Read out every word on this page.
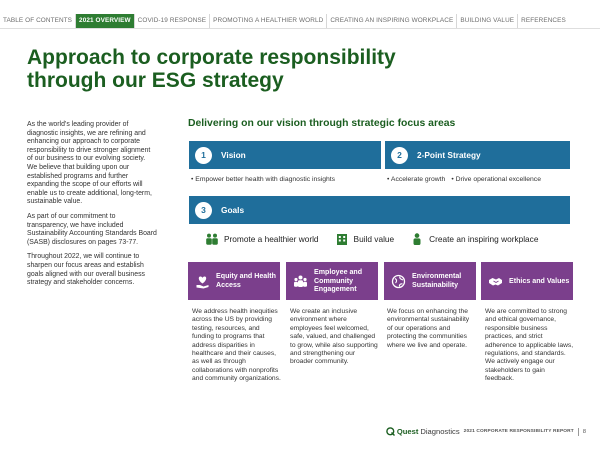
TABLE OF CONTENTS	2021 OVERVIEW	COVID-19 RESPONSE	PROMOTING A HEALTHIER WORLD	CREATING AN INSPIRING WORKPLACE	BUILDING VALUE	REFERENCES
Approach to corporate responsibility through our ESG strategy

As the world’s leading provider of diagnostic insights, we are refining and enhancing our approach to corporate responsibility to drive stronger alignment of our business to our evolving society. We believe that building upon our established programs and further expanding the scope of our efforts will enable us to create additional, long-term, sustainable value.

As part of our commitment to transparency, we have included Sustainability Accounting Standards Board (SASB) disclosures on pages 73-77.

Throughout 2022, we will continue to sharpen our focus areas and establish goals aligned with our overall business strategy and stakeholder concerns.

Delivering on our vision through strategic focus areas
1	Vision	2	2-Point Strategy
• Empower better health with diagnostic insights	• Accelerate growth	• Drive operational excellence
3	Goals
Promote a healthier world	Build value	Create an inspiring workplace
Equity and Health Access
Employee and Community Engagement
Environmental Sustainability
Ethics and Values

We address health inequities across the US by providing testing, resources, and funding to programs that address disparities in healthcare and their causes, as well as through collaborations with nonprofits and community organizations.

We create an inclusive environment where employees feel welcomed, safe, valued, and challenged to grow, while also supporting and strengthening our broader community.

We focus on enhancing the environmental sustainability of our operations and protecting the communities where we live and operate.

We are committed to strong and ethical governance, responsible business practices, and strict adherence to applicable laws, regulations, and standards. We actively engage our stakeholders to gain feedback.

Quest Diagnostics 2021 CORPORATE RESPONSIBILITY REPORT 8
